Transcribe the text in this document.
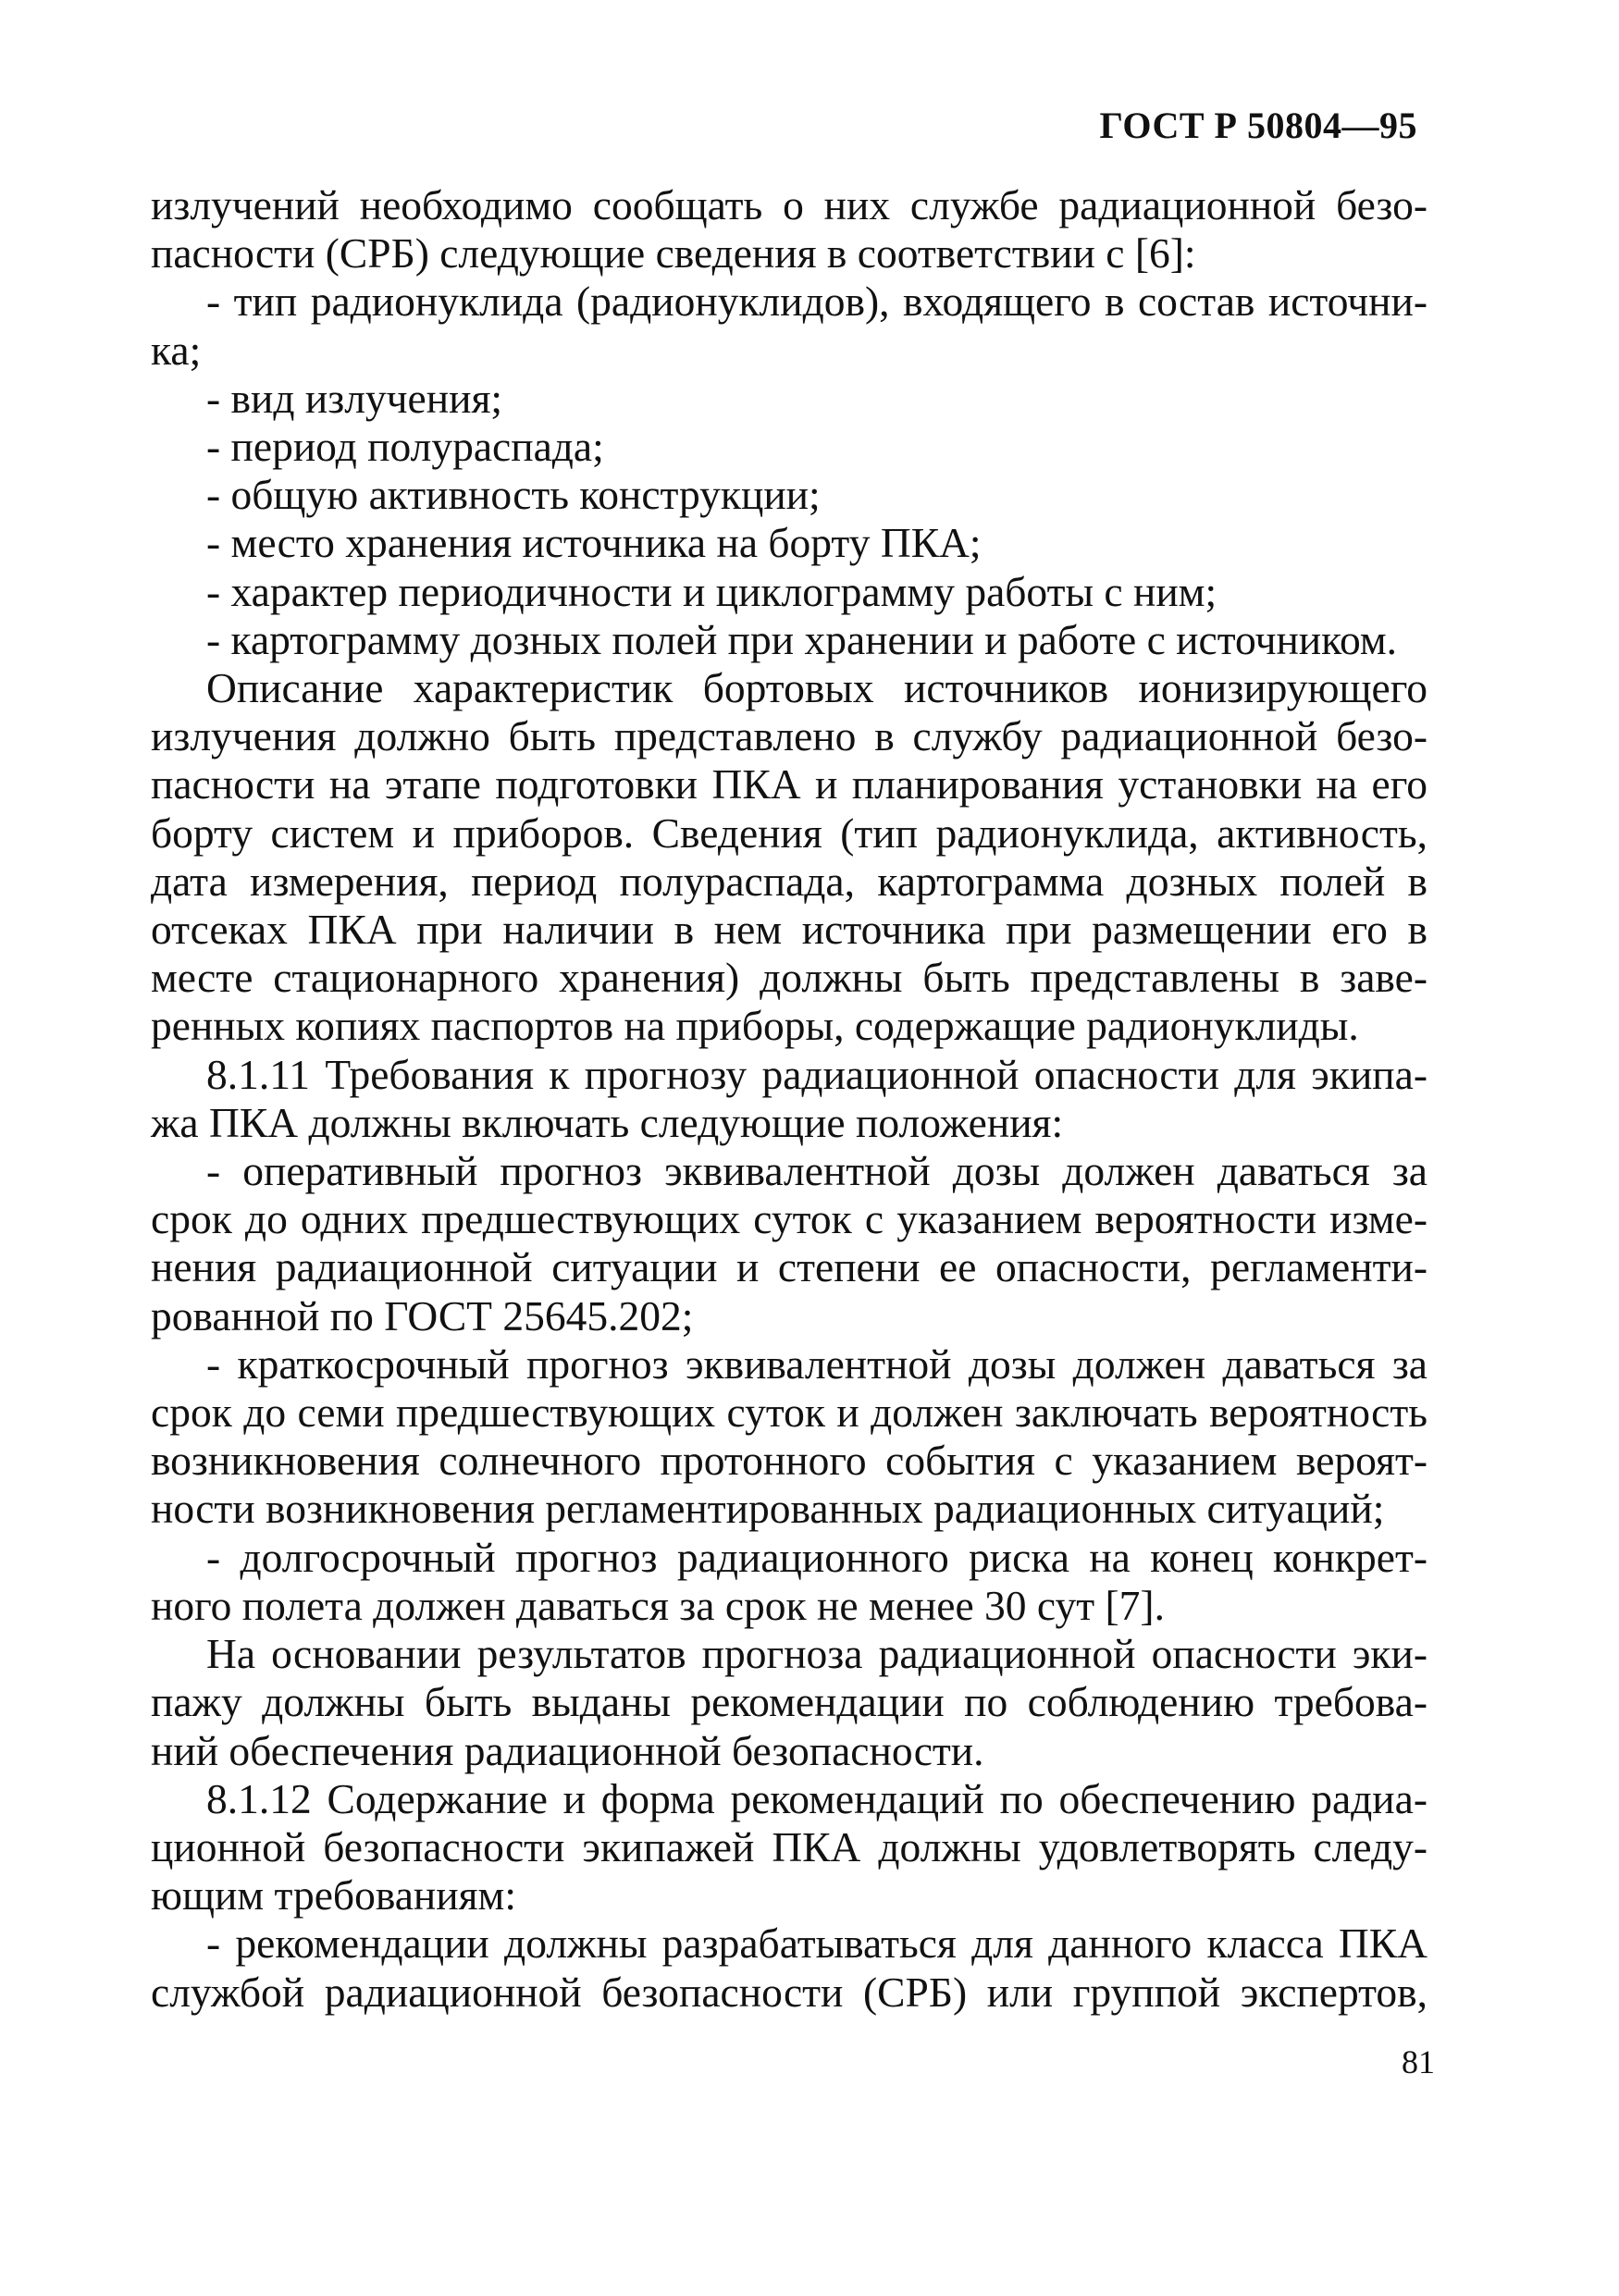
ГОСТ Р 50804—95
излучений необходимо сообщать о них службе радиационной безо-
пасности (СРБ) следующие сведения в соответствии с [6]:
- тип радионуклида (радионуклидов), входящего в состав источни-
ка;
- вид излучения;
- период полураспада;
- общую активность конструкции;
- место хранения источника на борту ПКА;
- характер периодичности и циклограмму работы с ним;
- картограмму дозных полей при хранении и работе с источником.
Описание характеристик бортовых источников ионизирующего
излучения должно быть представлено в службу радиационной безо-
пасности на этапе подготовки ПКА и планирования установки на его
борту систем и приборов. Сведения (тип радионуклида, активность,
дата измерения, период полураспада, картограмма дозных полей в
отсеках ПКА при наличии в нем источника при размещении его в
месте стационарного хранения) должны быть представлены в заве-
ренных копиях паспортов на приборы, содержащие радионуклиды.
8.1.11 Требования к прогнозу радиационной опасности для экипа-
жа ПКА должны включать следующие положения:
- оперативный прогноз эквивалентной дозы должен даваться за
срок до одних предшествующих суток с указанием вероятности изме-
нения радиационной ситуации и степени ее опасности, регламенти-
рованной по ГОСТ 25645.202;
- краткосрочный прогноз эквивалентной дозы должен даваться за
срок до семи предшествующих суток и должен заключать вероятность
возникновения солнечного протонного события с указанием вероят-
ности возникновения регламентированных радиационных ситуаций;
- долгосрочный прогноз радиационного риска на конец конкрет-
ного полета должен даваться за срок не менее 30 сут [7].
На основании результатов прогноза радиационной опасности эки-
пажу должны быть выданы рекомендации по соблюдению требова-
ний обеспечения радиационной безопасности.
8.1.12 Содержание и форма рекомендаций по обеспечению радиа-
ционной безопасности экипажей ПКА должны удовлетворять следу-
ющим требованиям:
- рекомендации должны разрабатываться для данного класса ПКА
службой радиационной безопасности (СРБ) или группой экспертов,
81
